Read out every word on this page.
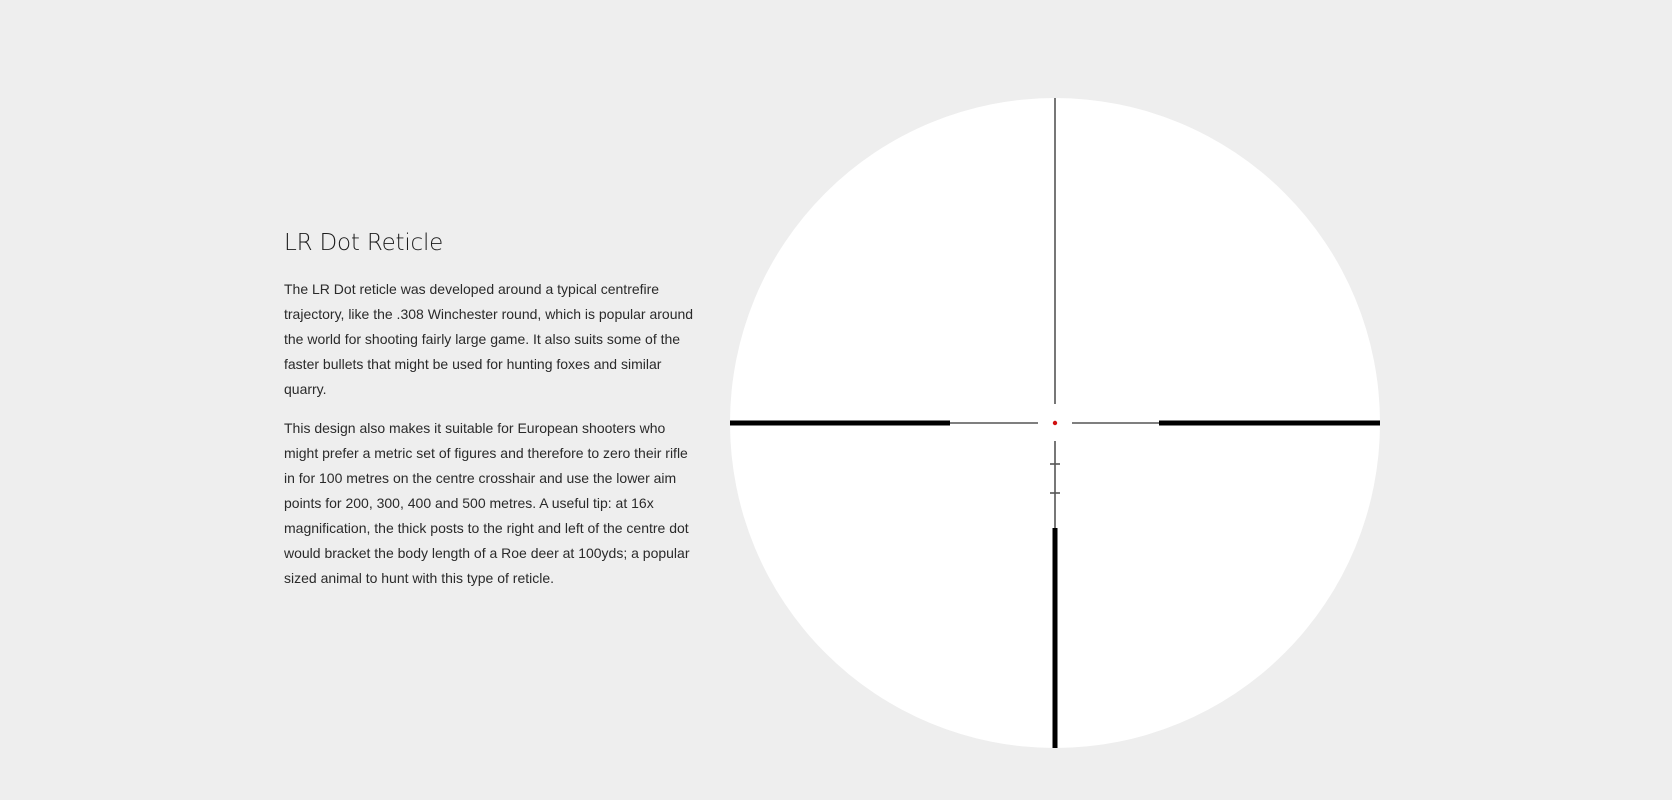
LR Dot Reticle

The LR Dot reticle was developed around a typical centrefire trajectory, like the .308 Winchester round, which is popular around the world for shooting fairly large game. It also suits some of the faster bullets that might be used for hunting foxes and similar quarry.

This design also makes it suitable for European shooters who might prefer a metric set of figures and therefore to zero their rifle in for 100 metres on the centre crosshair and use the lower aim points for 200, 300, 400 and 500 metres. A useful tip: at 16x magnification, the thick posts to the right and left of the centre dot would bracket the body length of a Roe deer at 100yds; a popular sized animal to hunt with this type of reticle.
